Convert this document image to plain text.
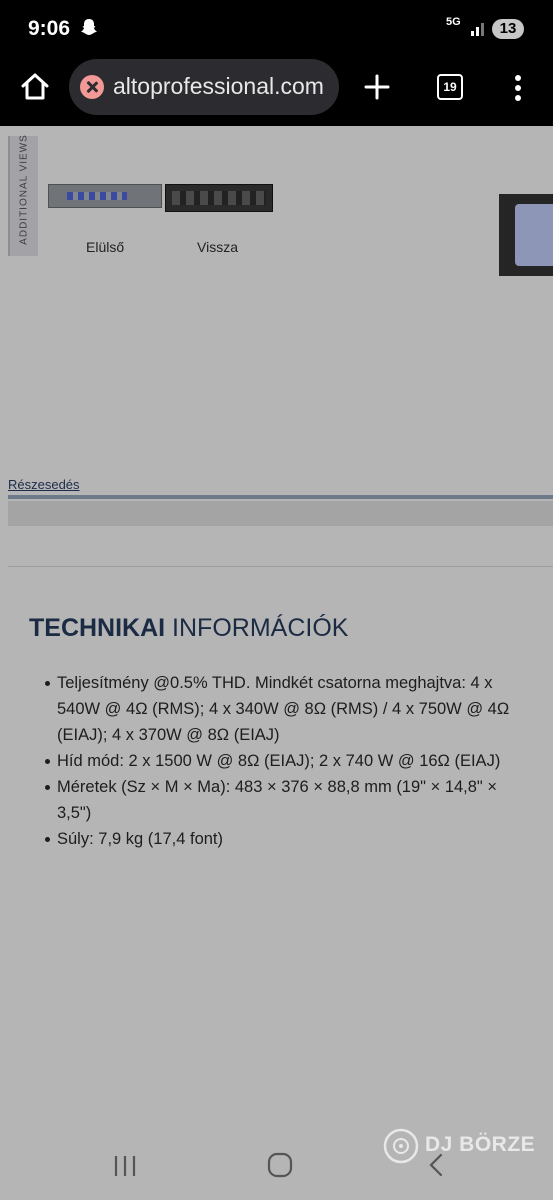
9:06	5G	13
altoprofessional.com	19
ADDITIONAL VIEWS
Elülső	Vissza
Részesedés
TECHNIKAI INFORMÁCIÓK
Teljesítmény @0.5% THD. Mindkét csatorna meghajtva: 4 x 540W @ 4Ω (RMS); 4 x 340W @ 8Ω (RMS) / 4 x 750W @ 4Ω (EIAJ); 4 x 370W @ 8Ω (EIAJ)
Híd mód: 2 x 1500 W @ 8Ω (EIAJ); 2 x 740 W @ 16Ω (EIAJ)
Méretek (Sz × M × Ma): 483 × 376 × 88,8 mm (19" × 14,8" × 3,5")
Súly: 7,9 kg (17,4 font)
DJ BÖRZE
